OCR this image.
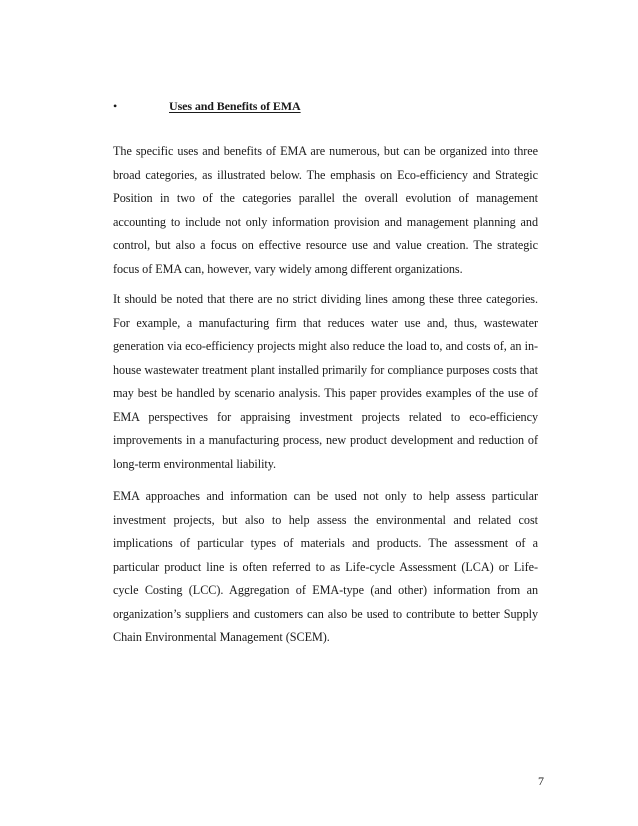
•	Uses and Benefits of EMA

The specific uses and benefits of EMA are numerous, but can be organized into three broad categories, as illustrated below. The emphasis on Eco-efficiency and Strategic Position in two of the categories parallel the overall evolution of management accounting to include not only information provision and management planning and control, but also a focus on effective resource use and value creation. The strategic focus of EMA can, however, vary widely among different organizations.

It should be noted that there are no strict dividing lines among these three categories. For example, a manufacturing firm that reduces water use and, thus, wastewater generation via eco-efficiency projects might also reduce the load to, and costs of, an in-house wastewater treatment plant installed primarily for compliance purposes costs that may best be handled by scenario analysis. This paper provides examples of the use of EMA perspectives for appraising investment projects related to eco-efficiency improvements in a manufacturing process, new product development and reduction of long-term environmental liability.

EMA approaches and information can be used not only to help assess particular investment projects, but also to help assess the environmental and related cost implications of particular types of materials and products. The assessment of a particular product line is often referred to as Life-cycle Assessment (LCA) or Life-cycle Costing (LCC). Aggregation of EMA-type (and other) information from an organization’s suppliers and customers can also be used to contribute to better Supply Chain Environmental Management (SCEM).

7
